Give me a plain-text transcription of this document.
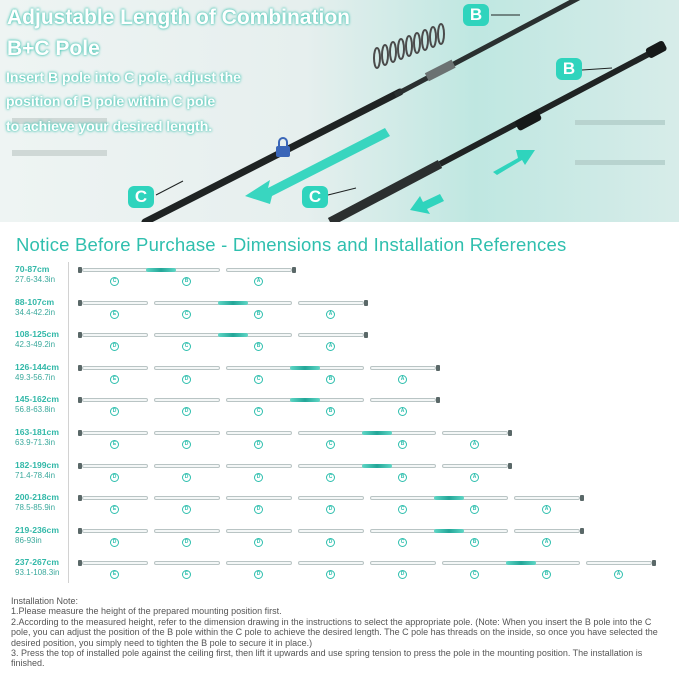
Adjustable Length of Combination
B+C Pole
Insert B pole into C pole, adjust the
position of B pole within C pole
to achieve your desired length.
B
B
C	C
Notice Before Purchase - Dimensions and Installation References
70-87cm
27.6-34.3in	C	B	A
88-107cm
34.4-42.2in	E	C	B	A
108-125cm
42.3-49.2in	D	C	B	A
126-144cm
49.3-56.7in	E	D	C	B	A
145-162cm
56.8-63.8in	D	D	C	B	A
163-181cm
63.9-71.3in	E	D	D	C	B	A
182-199cm
71.4-78.4in	D	D	D	C	B	A
200-218cm
78.5-85.9in	E	D	D	D	C	B	A
219-236cm
86-93in	D	D	D	D	C	B	A
237-267cm
93.1-108.3in	E	E	D	D	D	C	B	A
Installation Note:
1.Please measure the height of the prepared mounting position first.
2.According to the measured height, refer to the dimension drawing in the instructions to select the appropriate pole. (Note: When you insert the B pole into the C pole, you can adjust the position of the B pole within the C pole to achieve the desired length. The C pole has threads on the inside, so once you have selected the desired position, you simply need to tighten the B pole to secure it in place.)
3. Press the top of installed pole against the ceiling first, then lift it upwards and use spring tension to press the pole in the mounting position. The installation is finished.
